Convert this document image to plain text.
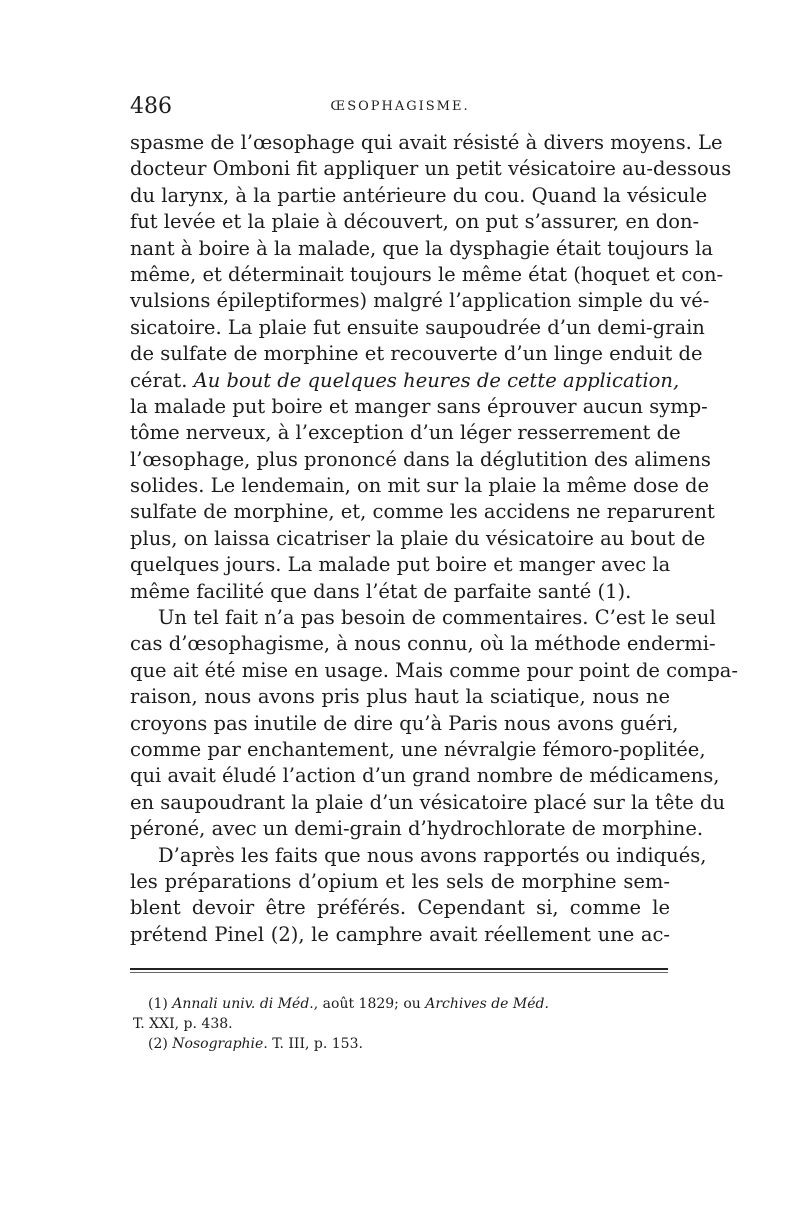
486	ŒSOPHAGISME.
spasme de l’œsophage qui avait résisté à divers moyens. Le
docteur Omboni fit appliquer un petit vésicatoire au-dessous
du larynx, à la partie antérieure du cou. Quand la vésicule
fut levée et la plaie à découvert, on put s’assurer, en don-
nant à boire à la malade, que la dysphagie était toujours la
même, et déterminait toujours le même état (hoquet et con-
vulsions épileptiformes) malgré l’application simple du vé-
sicatoire. La plaie fut ensuite saupoudrée d’un demi-grain
de sulfate de morphine et recouverte d’un linge enduit de
cérat. Au bout de quelques heures de cette application,
la malade put boire et manger sans éprouver aucun symp-
tôme nerveux, à l’exception d’un léger resserrement de
l’œsophage, plus prononcé dans la déglutition des alimens
solides. Le lendemain, on mit sur la plaie la même dose de
sulfate de morphine, et, comme les accidens ne reparurent
plus, on laissa cicatriser la plaie du vésicatoire au bout de
quelques jours. La malade put boire et manger avec la
même facilité que dans l’état de parfaite santé (1).
Un tel fait n’a pas besoin de commentaires. C’est le seul
cas d’œsophagisme, à nous connu, où la méthode endermi-
que ait été mise en usage. Mais comme pour point de compa-
raison, nous avons pris plus haut la sciatique, nous ne
croyons pas inutile de dire qu’à Paris nous avons guéri,
comme par enchantement, une névralgie fémoro-poplitée,
qui avait éludé l’action d’un grand nombre de médicamens,
en saupoudrant la plaie d’un vésicatoire placé sur la tête du
péroné, avec un demi-grain d’hydrochlorate de morphine.
D’après les faits que nous avons rapportés ou indiqués,
les préparations d’opium et les sels de morphine sem-
blent devoir être préférés. Cependant si, comme le
prétend Pinel (2), le camphre avait réellement une ac-
(1) Annali univ. di Méd., août 1829; ou Archives de Méd.
T. XXI, p. 438.
(2) Nosographie. T. III, p. 153.
